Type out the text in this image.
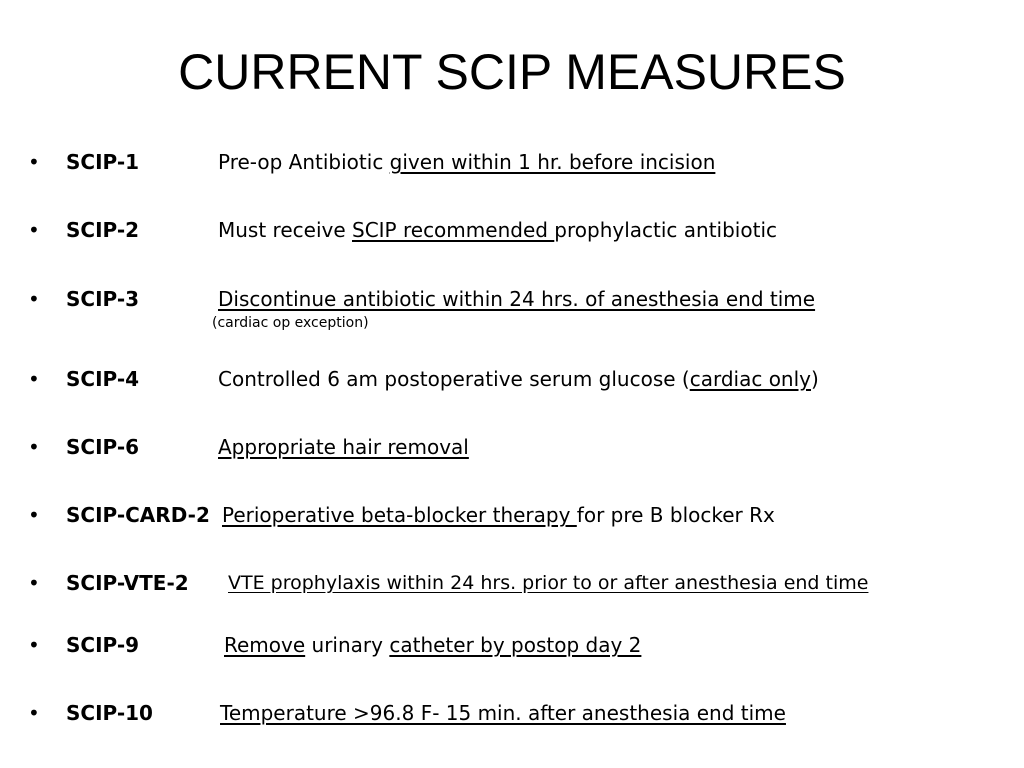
CURRENT SCIP MEASURES
• SCIP-1	Pre-op Antibiotic given within 1 hr. before incision
• SCIP-2	Must receive SCIP recommended prophylactic antibiotic
• SCIP-3	Discontinue antibiotic within 24 hrs. of anesthesia end time
(cardiac op exception)
• SCIP-4	Controlled 6 am postoperative serum glucose (cardiac only)
• SCIP-6	Appropriate hair removal
• SCIP-CARD-2 Perioperative beta-blocker therapy for pre B blocker Rx
• SCIP-VTE-2 VTE prophylaxis within 24 hrs. prior to or after anesthesia end time
• SCIP-9	Remove urinary catheter by postop day 2
• SCIP-10	Temperature >96.8 F- 15 min. after anesthesia end time
